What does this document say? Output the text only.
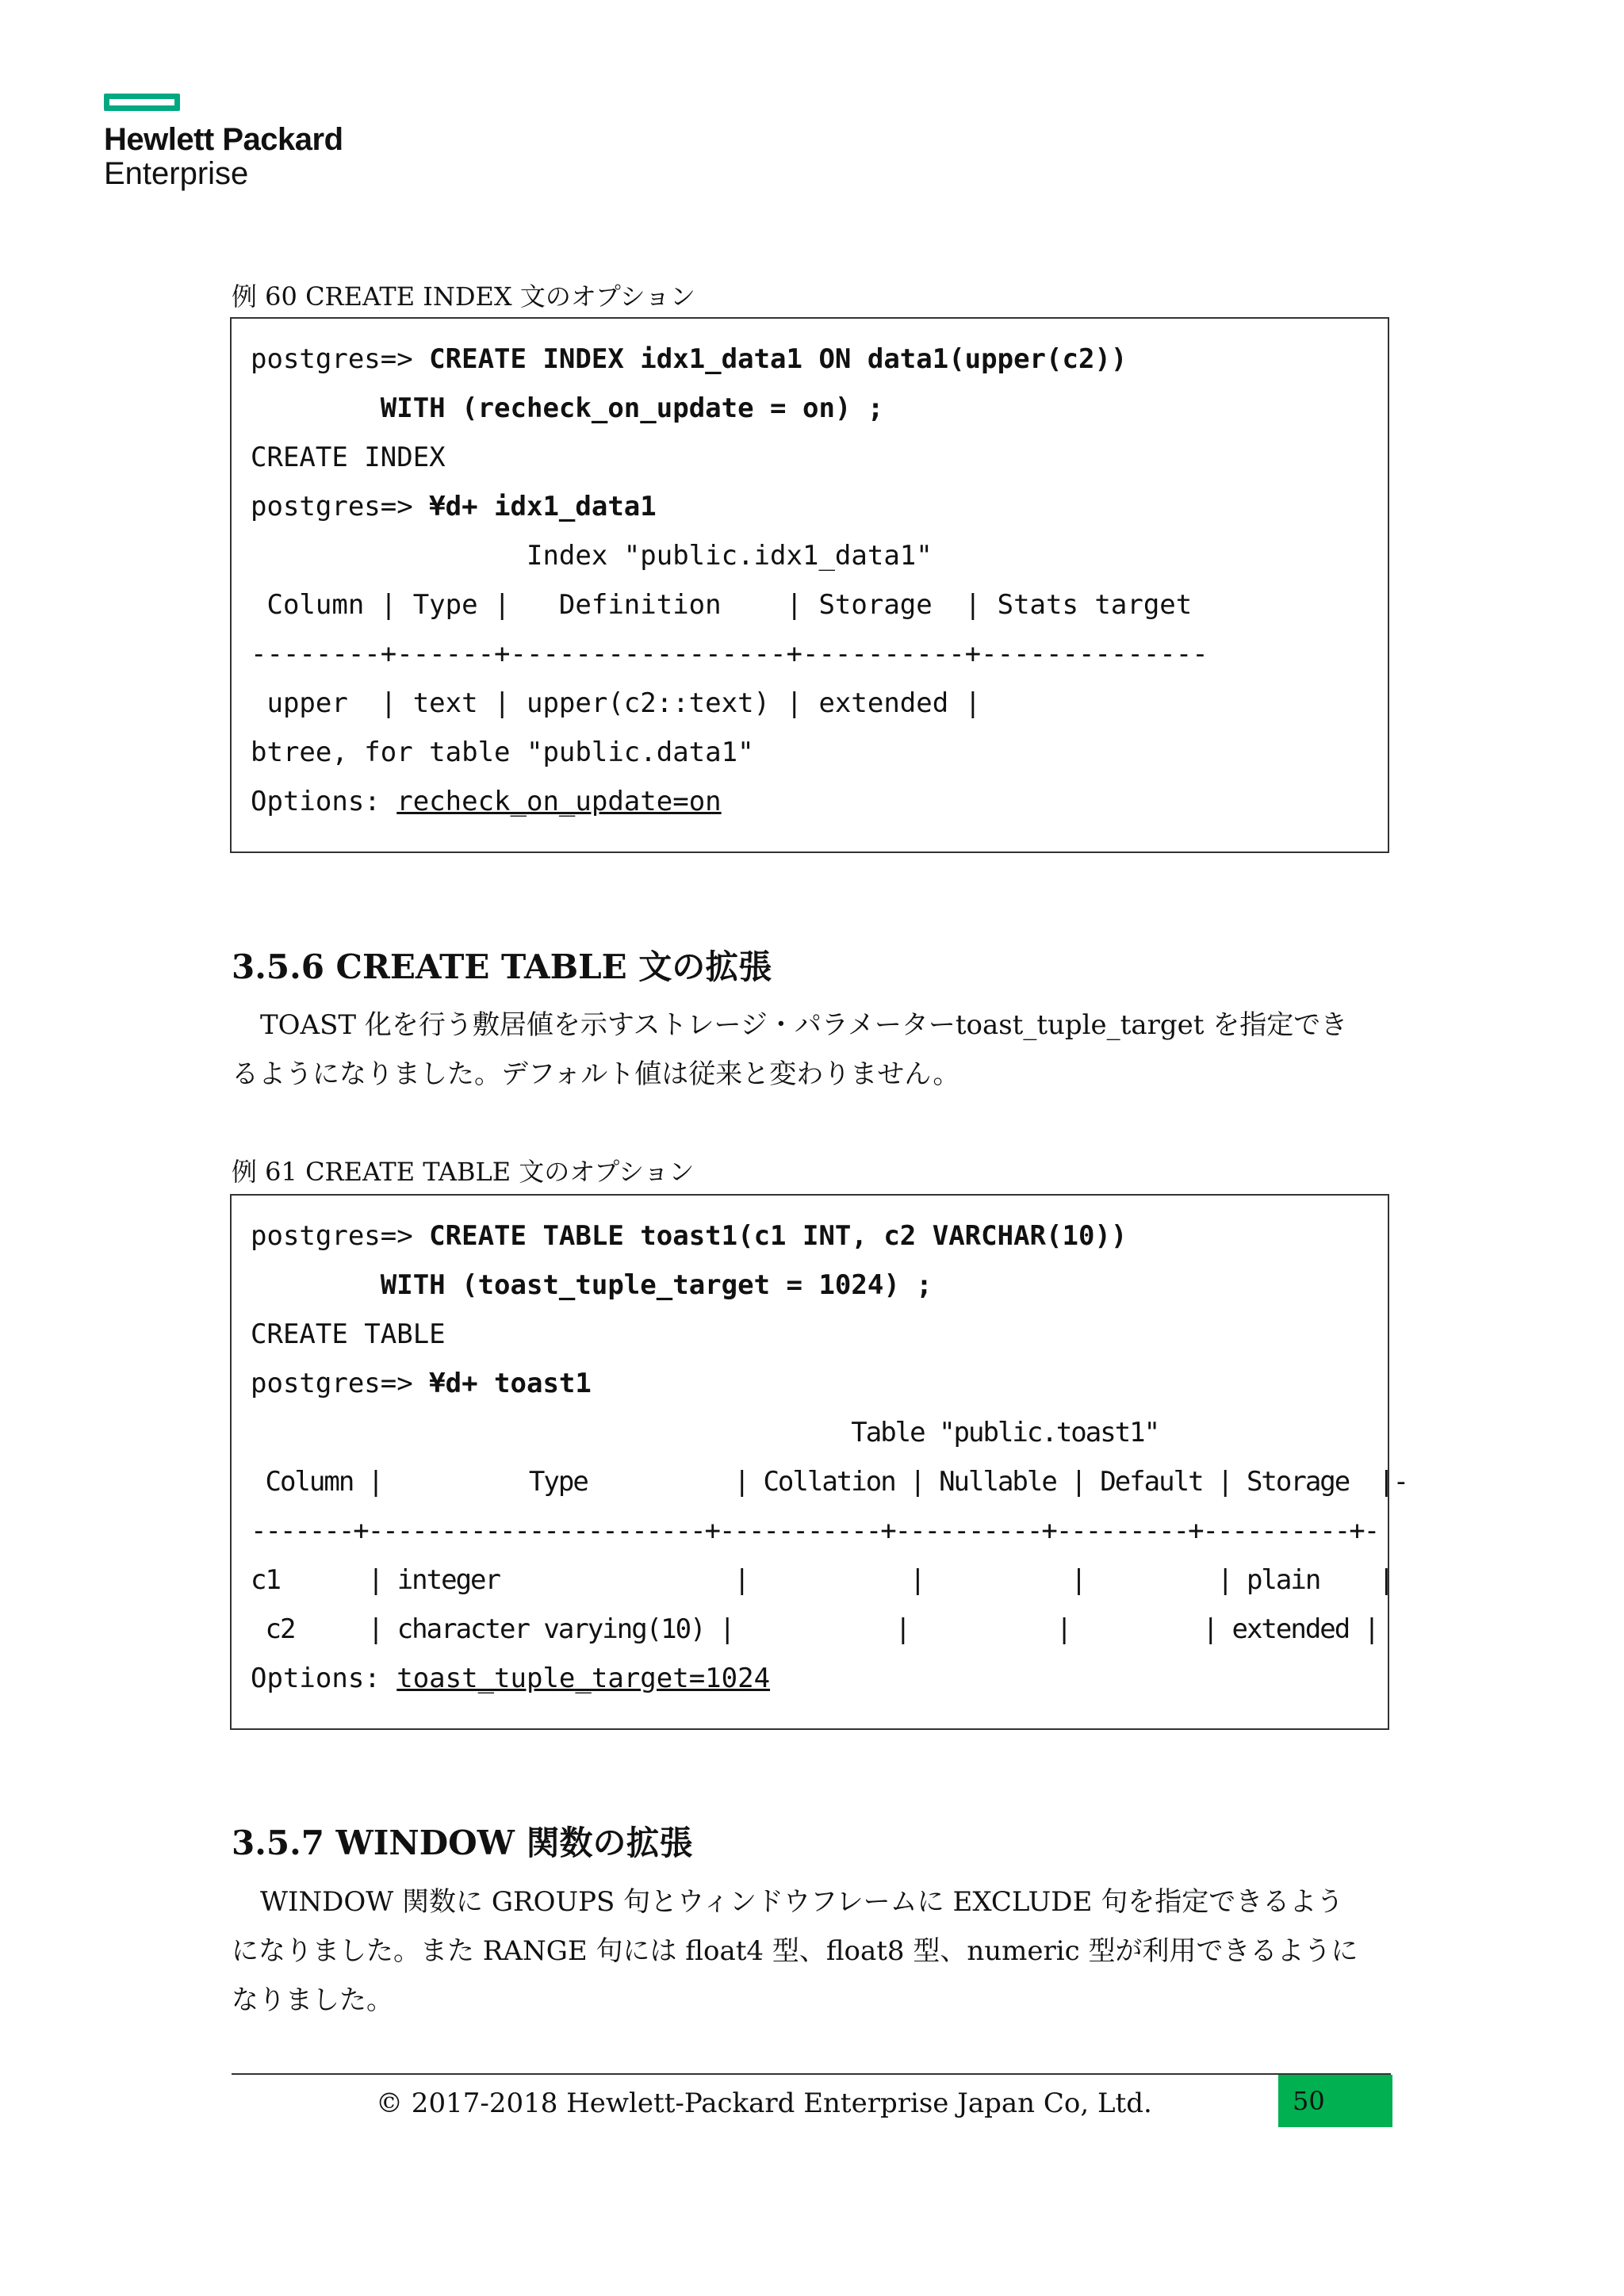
Hewlett Packard
Enterprise
例 60 CREATE INDEX 文のオプション
postgres=> CREATE INDEX idx1_data1 ON data1(upper(c2))
WITH (recheck_on_update = on) ;
CREATE INDEX
postgres=> ¥d+ idx1_data1
Index "public.idx1_data1"
Column | Type |   Definition    | Storage  | Stats target
--------+------+-----------------+----------+--------------
upper  | text | upper(c2::text) | extended |
btree, for table "public.data1"
Options: recheck_on_update=on
3.5.6 CREATE TABLE 文の拡張
TOAST 化を行う敷居値を示すストレージ・パラメーターtoast_tuple_target を指定でき
るようになりました。デフォルト値は従来と変わりません。
例 61 CREATE TABLE 文のオプション
postgres=> CREATE TABLE toast1(c1 INT, c2 VARCHAR(10))
WITH (toast_tuple_target = 1024) ;
CREATE TABLE
postgres=> ¥d+ toast1
Table "public.toast1"
Column |          Type          | Collation | Nullable | Default | Storage  |-
-------+-----------------------+-----------+----------+---------+----------+-
c1      | integer                |           |          |         | plain    |
c2     | character varying(10) |           |          |         | extended |
Options: toast_tuple_target=1024
3.5.7 WINDOW 関数の拡張
WINDOW 関数に GROUPS 句とウィンドウフレームに EXCLUDE 句を指定できるよう
になりました。また RANGE 句には float4 型、float8 型、numeric 型が利用できるように
なりました。
© 2017-2018 Hewlett-Packard Enterprise Japan Co, Ltd.	50
